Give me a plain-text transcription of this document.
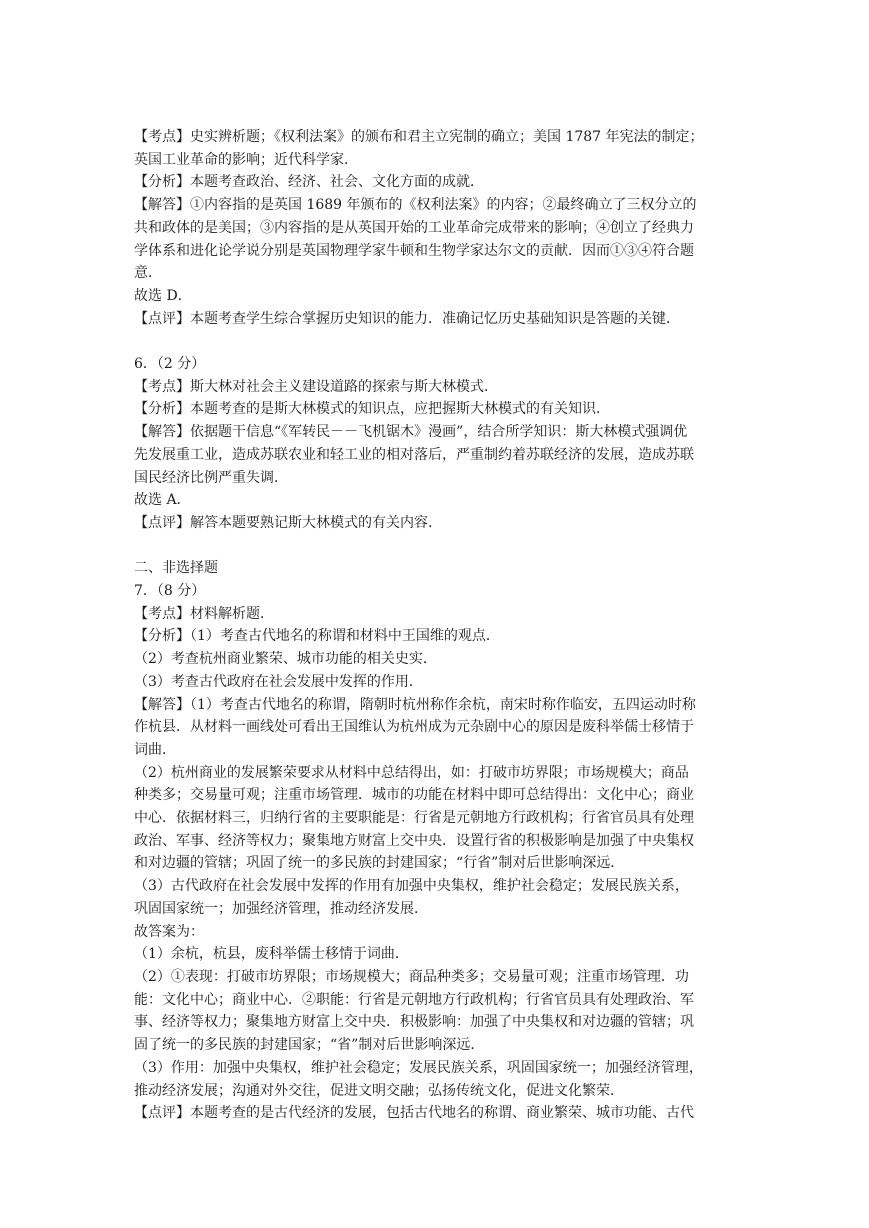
【考点】史实辨析题；《权利法案》的颁布和君主立宪制的确立；美国 1787 年宪法的制定；
英国工业革命的影响；近代科学家．
【分析】本题考查政治、经济、社会、文化方面的成就．
【解答】①内容指的是英国 1689 年颁布的《权利法案》的内容；②最终确立了三权分立的
共和政体的是美国；③内容指的是从英国开始的工业革命完成带来的影响；④创立了经典力
学体系和进化论学说分别是英国物理学家牛顿和生物学家达尔文的贡献．因而①③④符合题
意．
故选 D．
【点评】本题考查学生综合掌握历史知识的能力．准确记忆历史基础知识是答题的关键．
6．（2 分）
【考点】斯大林对社会主义建设道路的探索与斯大林模式．
【分析】本题考查的是斯大林模式的知识点，应把握斯大林模式的有关知识．
【解答】依据题干信息“《军转民－－飞机锯木》漫画”，结合所学知识：斯大林模式强调优
先发展重工业，造成苏联农业和轻工业的相对落后，严重制约着苏联经济的发展，造成苏联
国民经济比例严重失调．
故选 A．
【点评】解答本题要熟记斯大林模式的有关内容．
二、非选择题
7．（8 分）
【考点】材料解析题．
【分析】（1）考查古代地名的称谓和材料中王国维的观点．
（2）考查杭州商业繁荣、城市功能的相关史实．
（3）考查古代政府在社会发展中发挥的作用．
【解答】（1）考查古代地名的称谓，隋朝时杭州称作余杭，南宋时称作临安，五四运动时称
作杭县．从材料一画线处可看出王国维认为杭州成为元杂剧中心的原因是废科举儒士移情于
词曲．
（2）杭州商业的发展繁荣要求从材料中总结得出，如：打破市坊界限；市场规模大；商品
种类多；交易量可观；注重市场管理．城市的功能在材料中即可总结得出：文化中心；商业
中心．依据材料三，归纳行省的主要职能是：行省是元朝地方行政机构；行省官员具有处理
政治、军事、经济等权力；聚集地方财富上交中央．设置行省的积极影响是加强了中央集权
和对边疆的管辖；巩固了统一的多民族的封建国家；“行省”制对后世影响深远．
（3）古代政府在社会发展中发挥的作用有加强中央集权，维护社会稳定；发展民族关系，
巩固国家统一；加强经济管理，推动经济发展．
故答案为：
（1）余杭，杭县，废科举儒士移情于词曲．
（2）①表现：打破市坊界限；市场规模大；商品种类多；交易量可观；注重市场管理．功
能：文化中心；商业中心．②职能：行省是元朝地方行政机构；行省官员具有处理政治、军
事、经济等权力；聚集地方财富上交中央．积极影响：加强了中央集权和对边疆的管辖；巩
固了统一的多民族的封建国家；“省”制对后世影响深远．
（3）作用：加强中央集权，维护社会稳定；发展民族关系，巩固国家统一；加强经济管理，
推动经济发展；沟通对外交往，促进文明交融；弘扬传统文化，促进文化繁荣．
【点评】本题考查的是古代经济的发展，包括古代地名的称谓、商业繁荣、城市功能、古代
